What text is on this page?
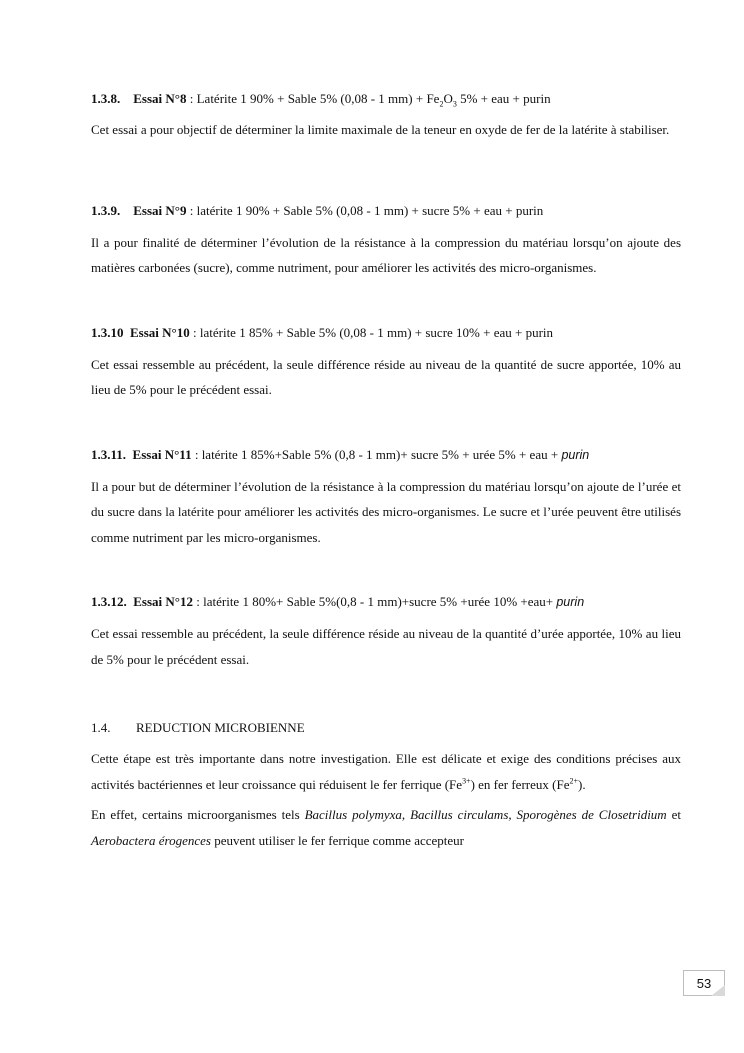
1.3.8. Essai N°8 : Latérite 1 90% + Sable 5% (0,08 - 1 $mm) + Fe_2O_3$ 5% + eau + purin

Cet essai a pour objectif de déterminer la limite maximale de la teneur en oxyde de fer de la latérite à stabiliser.

1.3.9. Essai N°9 : latérite 1 90% + Sable 5% (0,08 - 1 mm) + sucre 5% + eau + purin

Il a pour finalité de déterminer l’évolution de la résistance à la compression du matériau lorsqu’on ajoute des matières carbonées (sucre), comme nutriment, pour améliorer les activités des micro-organismes.

1.3.10 Essai N°10 : latérite 1 85% + Sable 5% (0,08 - 1 mm) + sucre 10% + eau + purin

Cet essai ressemble au précédent, la seule différence réside au niveau de la quantité de sucre apportée, 10% au lieu de 5% pour le précédent essai.

1.3.11. Essai N°11 : latérite 1 85%+Sable 5% (0,8 - 1 mm)+ sucre 5% + urée 5% + eau + purin

Il a pour but de déterminer l’évolution de la résistance à la compression du matériau lorsqu’on ajoute de l’urée et du sucre dans la latérite pour améliorer les activités des micro-organismes. Le sucre et l’urée peuvent être utilisés comme nutriment par les micro-organismes.

1.3.12. Essai N°12 : latérite 1 80%+ Sable 5%(0,8 - 1 mm)+sucre 5% +urée 10% +eau+ purin

Cet essai ressemble au précédent, la seule différence réside au niveau de la quantité d’urée apportée, 10% au lieu de 5% pour le précédent essai.

1.4. REDUCTION MICROBIENNE

Cette étape est très importante dans notre investigation. Elle est délicate et exige des conditions précises aux activités bactériennes et leur croissance qui réduisent le fer ferrique $(Fe^{3+})$ en fer ferreux $(Fe^{2+})$.

En effet, certains microorganismes tels Bacillus polymyxa, Bacillus circulams, Sporogènes de Closetridium et Aerobactera érogences peuvent utiliser le fer ferrique comme accepteur

53
